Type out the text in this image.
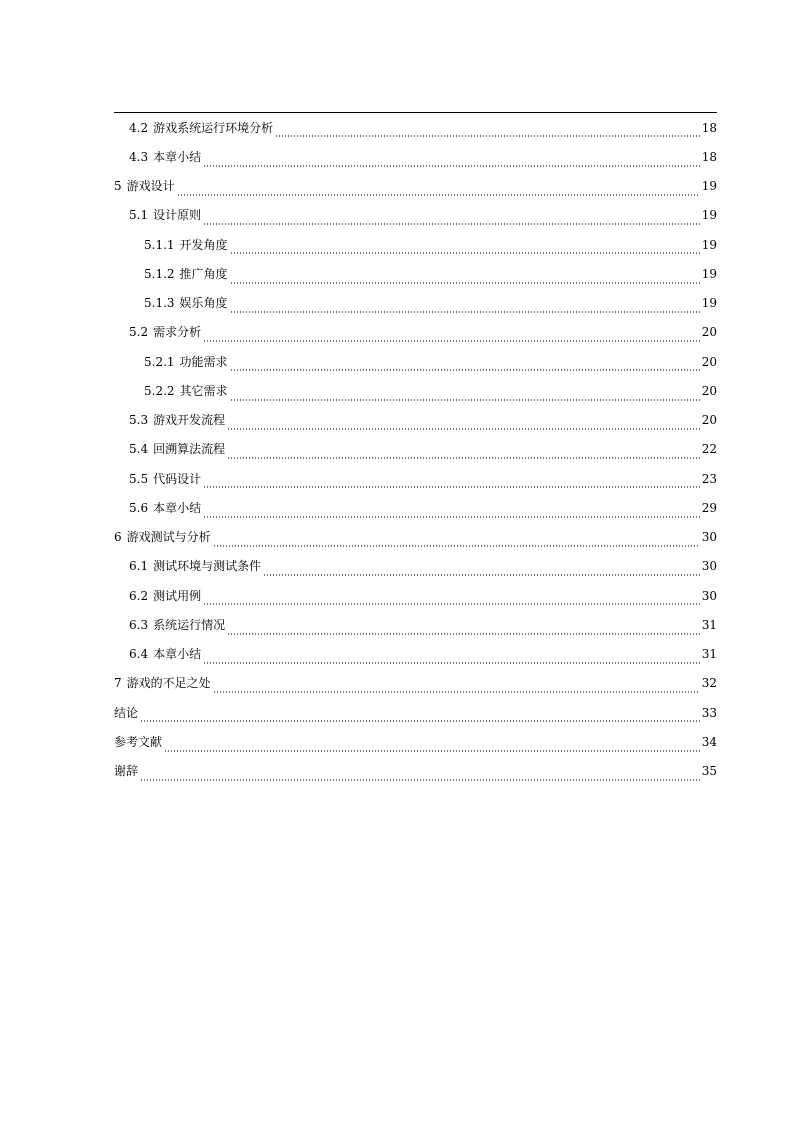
4.2 游戏系统运行环境分析	18
4.3 本章小结	18
5 游戏设计	19
5.1 设计原则	19
5.1.1 开发角度	19
5.1.2 推广角度	19
5.1.3 娱乐角度	19
5.2 需求分析	20
5.2.1 功能需求	20
5.2.2 其它需求	20
5.3 游戏开发流程	20
5.4 回溯算法流程	22
5.5 代码设计	23
5.6 本章小结	29
6 游戏测试与分析	30
6.1 测试环境与测试条件	30
6.2 测试用例	30
6.3 系统运行情况	31
6.4 本章小结	31
7 游戏的不足之处	32
结论	33
参考文献	34
谢辞	35
